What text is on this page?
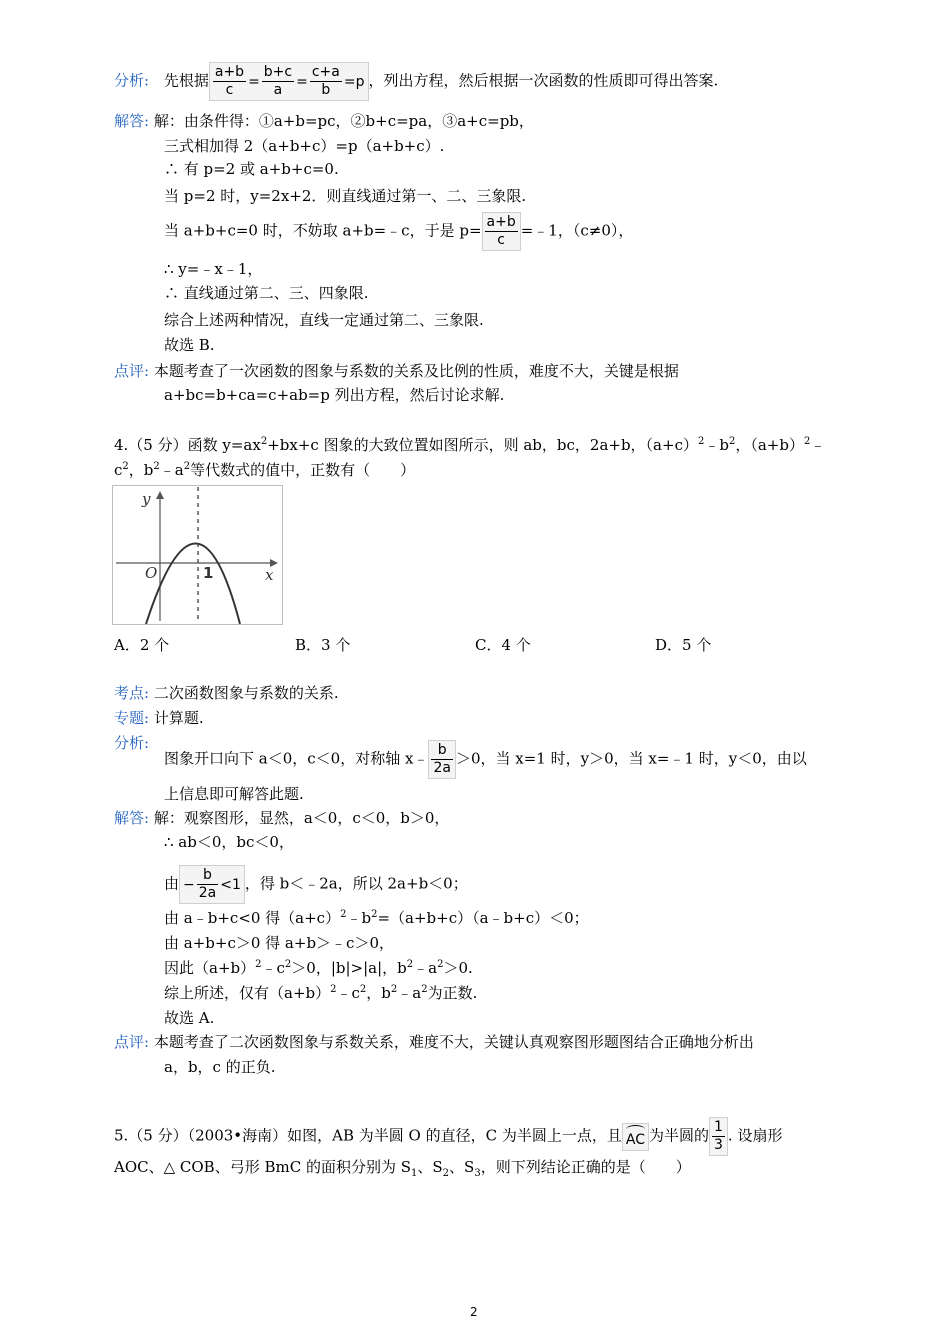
分析: 先根据 $\frac{a+b}{c} = \frac{b+c}{a} = \frac{c+a}{b} =p$ ，列出方程，然后根据一次函数的性质即可得出答案.
解答: 解：由条件得：①a+b=pc，②b+c=pa，③a+c=pb，
三式相加得 2（a+b+c）=p（a+b+c）.
∴ 有 p=2 或 a+b+c=0.
当 p=2 时，y=2x+2．则直线通过第一、二、三象限.
当 a+b+c=0 时，不妨取 a+b=﹣c，于是 $p= \frac{a+b}{c}$ =﹣1，（c≠0），
∴ y=﹣x﹣1，
∴ 直线通过第二、三、四象限.
综合上述两种情况，直线一定通过第二、三象限.
故选 B.
点评: 本题考查了一次函数的图象与系数的关系及比例的性质，难度不大，关键是根据
a+bc=b+ca=c+ab=p 列出方程，然后讨论求解.
4.（5 分）函数 $y=ax^2+bx+c$ 图象的大致位置如图所示，则 ab，bc，2a+b，$(a+c)^2﹣b^2$，$(a+b)^2﹣$
$c^2$，$b^2﹣a^2$等代数式的值中，正数有（　　）
y
x
O	1
A．2 个	B．3 个	C．4 个	D．5 个
考点: 二次函数图象与系数的关系.
专题: 计算题.
分析:
图象开口向下 a＜0，c＜0，对称轴 x﹣ $\frac{b}{2a} >0$，当 x=1 时，y＞0，当 x=﹣1 时，y＜0，由以
上信息即可解答此题.
解答: 解：观察图形，显然，a＜0，c＜0，b＞0，
∴ ab＜0，bc＜0，
由 − $\frac{b}{2a} <1$ ，得 b＜﹣2a，所以 2a+b＜0；
由 a﹣b+c<0 得$(a+c)^2﹣b^2=(a+b+c)(a﹣b+c)<0$；
由 a+b+c＞0 得 a+b＞﹣c＞0，
因此$(a+b)^2﹣c^2>0$，|b|>|a|，$b^2﹣a^2>0$.
综上所述，仅有$(a+b)^2﹣c^2$，$b^2﹣a^2$为正数.
故选 A.
点评: 本题考查了二次函数图象与系数关系，难度不大，关键认真观察图形题图结合正确地分析出
a，b，c 的正负.
5.（5 分）（2003•海南）如图，AB 为半圆 O 的直径，C 为半圆上一点，且 AC 为半圆的 $\frac{1}{3}$ . 设扇形
AOC、△ COB、弓形 BmC 的面积分别为 $S_1$、$S_2$、$S_3$，则下列结论正确的是（　　）
2
